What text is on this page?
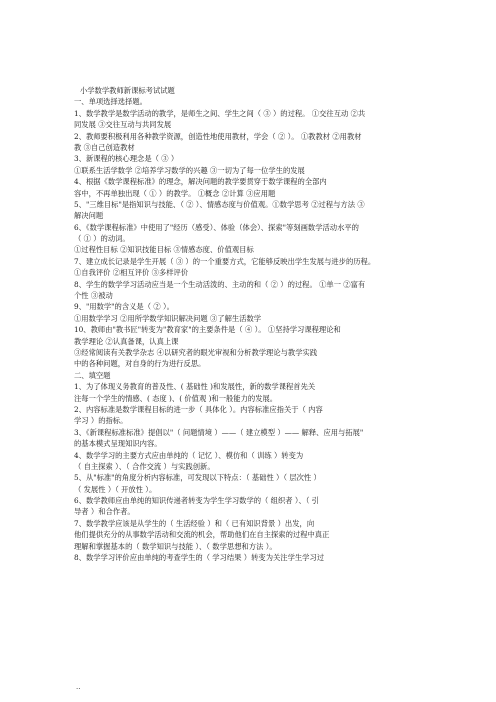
小学数学教师新课标考试试题
一、单项选择选择题。
1、数学教学是数学活动的教学，是师生之间、学生之间（ ③ ）的过程。 ①交往互动 ②共
同发展 ③交往互动与共同发展
2、教师要积极利用各种教学资源，创造性地使用教材，学会（ ② ）。 ①教教材 ②用教材
教 ③自己创造教材
3、新课程的核心理念是（ ③ ）
①联系生活学数学 ②培养学习数学的兴趣 ③一切为了每一位学生的发展
4、根据《数学课程标准》的理念，解决问题的教学要贯穿于数学课程的全部内
容中，不再单独出现（ ① ）的教学。 ①概念 ②计算 ③应用题
5、"三维目标"是指知识与技能、（ ② ）、情感态度与价值观。①数学思考 ②过程与方法 ③
解决问题
6、《数学课程标准》中使用了"经历（感受）、体验（体会）、探索"等刻画数学活动水平的
（ ① ）的动词。
①过程性目标 ②知识技能目标 ③情感态度、价值观目标
7、建立成长记录是学生开展（ ③ ）的一个重要方式，它能够反映出学生发展与进步的历程。
①自我评价 ②相互评价 ③多样评价
8、学生的数学学习活动应当是一个生动活泼的、主动的和（ ② ）的过程。 ①单一 ②富有
个性 ③被动
9、"用数学"的含义是（ ② ）。
①用数学学习 ②用所学数学知识解决问题 ③了解生活数学
10、教师由"教书匠"转变为"教育家"的主要条件是（ ④ ）。 ①坚持学习课程理论和
教学理论 ②认真备课，认真上课
③经常阅读有关教学杂志 ④以研究者的眼光审视和分析教学理论与教学实践
中的各种问题，对自身的行为进行反思。
二、填空题
1、为了体现义务教育的普及性、( 基础性 )和发展性，新的数学课程首先关
注每一个学生的情感、( 态度 )、( 价值观 )和一般能力的发展。
2、内容标准是数学课程目标的进一步（ 具体化 ）。内容标准应指关于（ 内容
学习 ）的指标。
3、《新课程标准标准》提倡以"（ 问题情境 ）——（ 建立模型 ）—— 解释、应用与拓展"
的基本模式呈现知识内容。
4、数学学习的主要方式应由单纯的（ 记忆 ）、模仿和（ 训练 ）转变为
（ 自主探索 ）、（ 合作交流 ）与实践创新。
5、从"标准"的角度分析内容标准，可发现以下特点：（ 基础性 ）（ 层次性 ）
（ 发展性 ）（ 开放性 ）。
6、数学教师应由单纯的知识传递者转变为学生学习数学的（ 组织者 ）、（ 引
导者 ）和合作者。
7、数学教学应该是从学生的（ 生活经验 ）和（ 已有知识背景 ）出发，向
他们提供充分的从事数学活动和交流的机会，帮助他们在自主探索的过程中真正
理解和掌握基本的（ 数学知识与技能 ）、（ 数学思想和方法 ）。
8、数学学习评价应由单纯的考查学生的（ 学习结果 ）转变为关注学生学习过
..
